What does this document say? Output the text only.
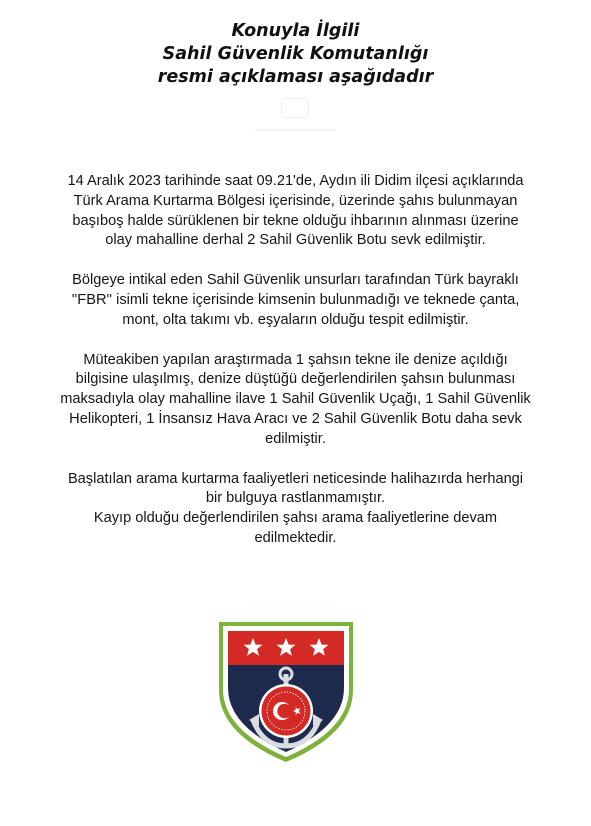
Konuyla İlgili
Sahil Güvenlik Komutanlığı
resmi açıklaması aşağıdadır
14 Aralık 2023 tarihinde saat 09.21'de, Aydın ili Didim ilçesi açıklarında
Türk Arama Kurtarma Bölgesi içerisinde, üzerinde şahıs bulunmayan
başıboş halde sürüklenen bir tekne olduğu ihbarının alınması üzerine
olay mahalline derhal 2 Sahil Güvenlik Botu sevk edilmiştir.
Bölgeye intikal eden Sahil Güvenlik unsurları tarafından Türk bayraklı
''FBR'' isimli tekne içerisinde kimsenin bulunmadığı ve teknede çanta,
mont, olta takımı vb. eşyaların olduğu tespit edilmiştir.
Müteakiben yapılan araştırmada 1 şahsın tekne ile denize açıldığı
bilgisine ulaşılmış, denize düştüğü değerlendirilen şahsın bulunması
maksadıyla olay mahalline ilave 1 Sahil Güvenlik Uçağı, 1 Sahil Güvenlik
Helikopteri, 1 İnsansız Hava Aracı ve 2 Sahil Güvenlik Botu daha sevk
edilmiştir.
Başlatılan arama kurtarma faaliyetleri neticesinde halihazırda herhangi
bir bulguya rastlanmamıştır.
Kayıp olduğu değerlendirilen şahsı arama faaliyetlerine devam
edilmektedir.
